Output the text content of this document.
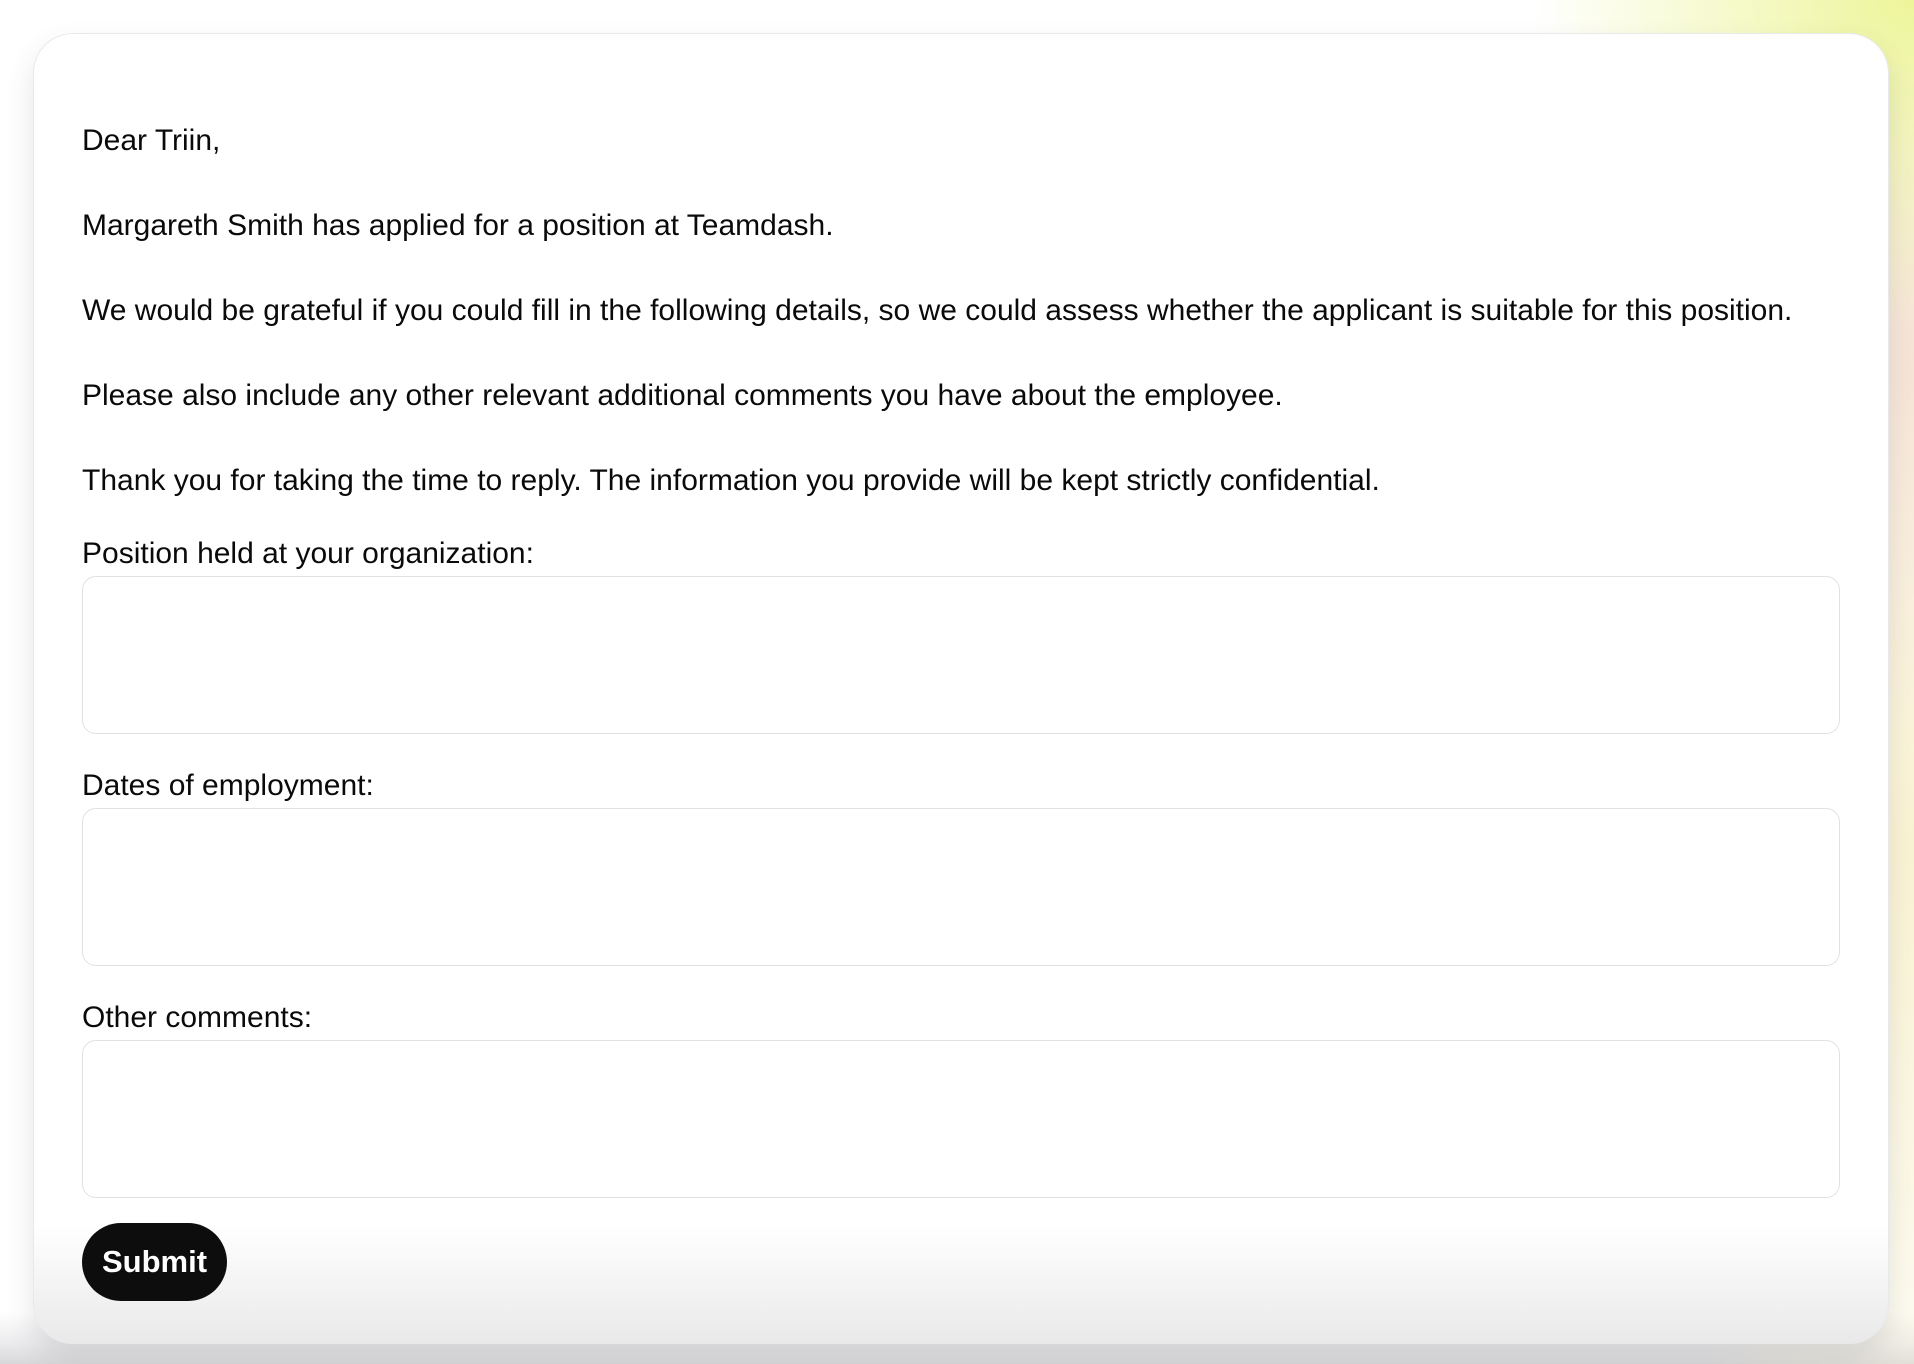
Dear Triin,

Margareth Smith has applied for a position at Teamdash.

We would be grateful if you could fill in the following details, so we could assess whether the applicant is suitable for this position.

Please also include any other relevant additional comments you have about the employee.

Thank you for taking the time to reply. The information you provide will be kept strictly confidential.

Position held at your organization:
Dates of employment:
Other comments:
Submit
